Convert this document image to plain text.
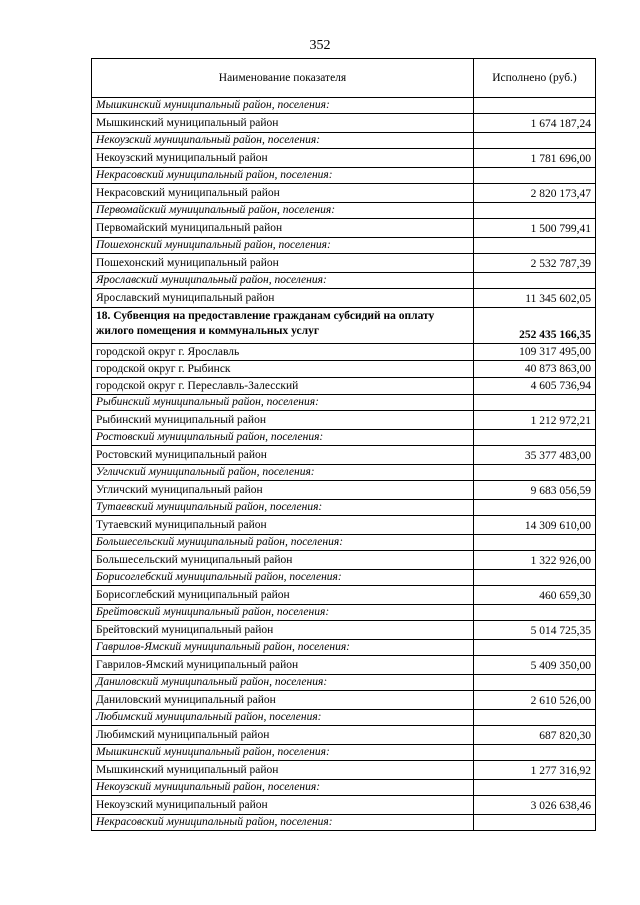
352
Наименование показателя	Исполнено (руб.)
Мышкинский муниципальный район, поселения:	
Мышкинский муниципальный район	1 674 187,24
Некоузский муниципальный район, поселения:	
Некоузский муниципальный район	1 781 696,00
Некрасовский муниципальный район, поселения:	
Некрасовский муниципальный район	2 820 173,47
Первомайский муниципальный район, поселения:	
Первомайский муниципальный район	1 500 799,41
Пошехонский муниципальный район, поселения:	
Пошехонский муниципальный район	2 532 787,39
Ярославский муниципальный район, поселения:	
Ярославский муниципальный район	11 345 602,05
18. Субвенция на предоставление гражданам субсидий на оплату жилого помещения и коммунальных услуг	252 435 166,35
городской округ г. Ярославль	109 317 495,00
городской округ г. Рыбинск	40 873 863,00
городской округ г. Переславль-Залесский	4 605 736,94
Рыбинский муниципальный район, поселения:	
Рыбинский муниципальный район	1 212 972,21
Ростовский муниципальный район, поселения:	
Ростовский муниципальный район	35 377 483,00
Угличский муниципальный район, поселения:	
Угличский муниципальный район	9 683 056,59
Тутаевский муниципальный район, поселения:	
Тутаевский муниципальный район	14 309 610,00
Большесельский муниципальный район, поселения:	
Большесельский муниципальный район	1 322 926,00
Борисоглебский муниципальный район, поселения:	
Борисоглебский муниципальный район	460 659,30
Брейтовский муниципальный район, поселения:	
Брейтовский муниципальный район	5 014 725,35
Гаврилов-Ямский муниципальный район, поселения:	
Гаврилов-Ямский муниципальный район	5 409 350,00
Даниловский муниципальный район, поселения:	
Даниловский муниципальный район	2 610 526,00
Любимский муниципальный район, поселения:	
Любимский муниципальный район	687 820,30
Мышкинский муниципальный район, поселения:	
Мышкинский муниципальный район	1 277 316,92
Некоузский муниципальный район, поселения:	
Некоузский муниципальный район	3 026 638,46
Некрасовский муниципальный район, поселения:	
